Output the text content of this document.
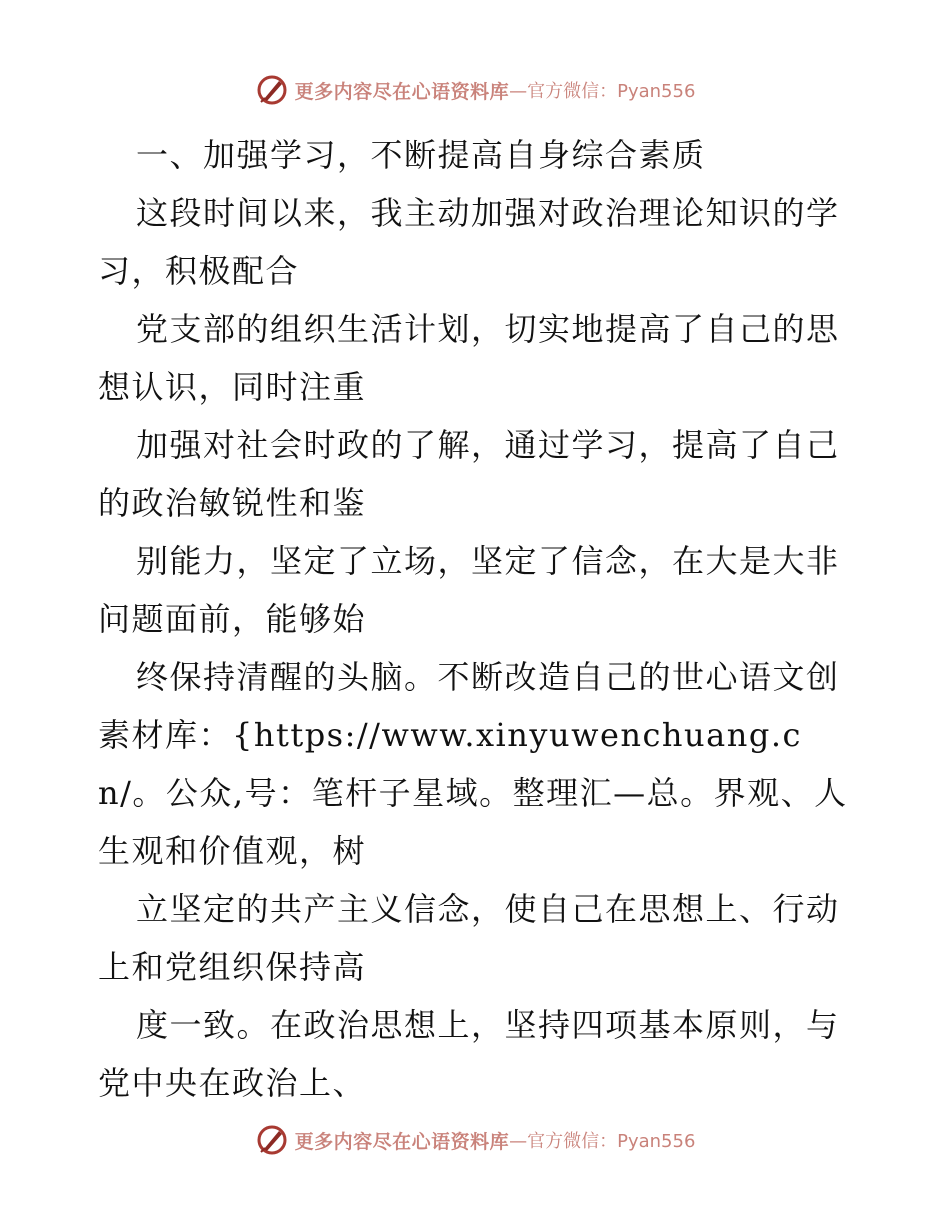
更多内容尽在心语资料库 —官方微信：Pyan556

一、加强学习，不断提高自身综合素质

这段时间以来，我主动加强对政治理论知识的学习，积极配合

党支部的组织生活计划，切实地提高了自己的思想认识，同时注重

加强对社会时政的了解，通过学习，提高了自己的政治敏锐性和鉴

别能力，坚定了立场，坚定了信念，在大是大非问题面前，能够始

终保持清醒的头脑。不断改造自己的世心语文创素材库：{https://www.xinyuwenchuang.cn/。公众,号：笔杆子星域。整理汇—总。界观、人生观和价值观，树

立坚定的共产主义信念，使自己在思想上、行动上和党组织保持高

度一致。在政治思想上，坚持四项基本原则，与党中央在政治上、

更多内容尽在心语资料库 —官方微信：Pyan556
